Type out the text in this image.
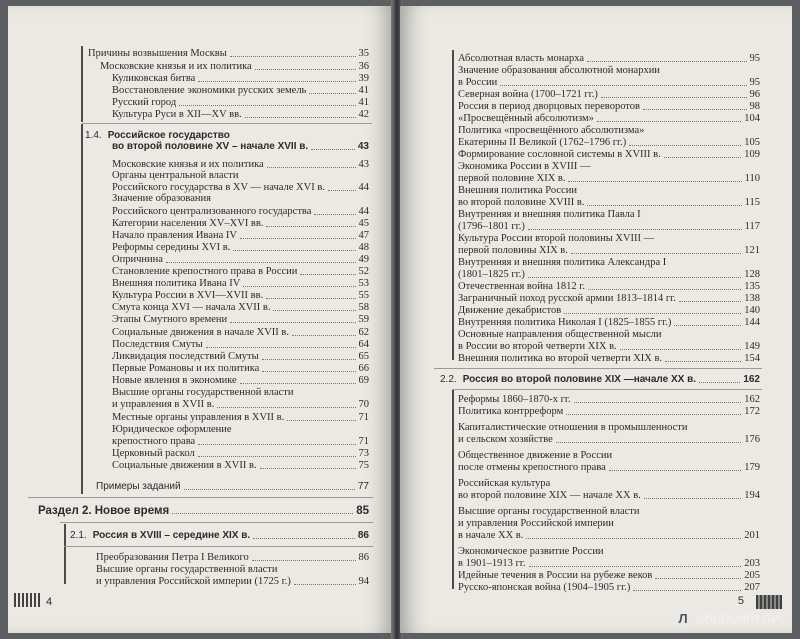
Причины возвышения Москвы	35
Московские князья и их политика	36
Куликовская битва	39
Восстановление экономики русских земель	41
Русский город	41
Культура Руси в XII—XV вв.	42
1.4. Российское государство
во второй половине XV – начале XVII в.	43
Московские князья и их политика	43
Органы центральной власти
Российского государства в XV — начале XVI в.	44
Значение образования
Российского централизованного государства	44
Категории населения XV–XVI вв.	45
Начало правления Ивана IV	47
Реформы середины XVI в.	48
Опричнина	49
Становление крепостного права в России	52
Внешняя политика Ивана IV	53
Культура России в XVI—XVII вв.	55
Смута конца XVI — начала XVII в.	58
Этапы Смутного времени	59
Социальные движения в начале XVII в.	62
Последствия Смуты	64
Ликвидация последствий Смуты	65
Первые Романовы и их политика	66
Новые явления в экономике	69
Высшие органы государственной власти
и управления в XVII в.	70
Местные органы управления в XVII в.	71
Юридическое оформление
крепостного права	71
Церковный раскол	73
Социальные движения в XVII в.	75
Примеры заданий	77
Раздел 2. Новое время	85
2.1. Россия в XVIII – середине XIX в.	86
Преобразования Петра I Великого	86
Высшие органы государственной власти
и управления Российской империи (1725 г.)	94
4
Абсолютная власть монарха	95
Значение образования абсолютной монархии
в России	95
Северная война (1700–1721 гг.)	96
Россия в период дворцовых переворотов	98
«Просвещённый абсолютизм»	104
Политика «просвещённого абсолютизма»
Екатерины II Великой (1762–1796 гг.)	105
Формирование сословной системы в XVIII в.	109
Экономика России в XVIII —
первой половине XIX в.	110
Внешняя политика России
во второй половине XVIII в.	115
Внутренняя и внешняя политика Павла I
(1796–1801 гг.)	117
Культура России второй половины XVIII —
первой половины XIX в.	121
Внутренняя и внешняя политика Александра I
(1801–1825 гг.)	128
Отечественная война 1812 г.	135
Заграничный поход русской армии 1813–1814 гг.	138
Движение декабристов	140
Внутренняя политика Николая I (1825–1855 гг.)	144
Основные направления общественной мысли
в России во второй четверти XIX в.	149
Внешняя политика во второй четверти XIX в.	154
2.2. Россия во второй половине XIX —начале XX в.	162
Реформы 1860–1870-х гг.	162
Политика контрреформ	172
Капиталистические отношения в промышленности
и сельском хозяйстве	176
Общественное движение в России
после отмены крепостного права	179
Российская культура
во второй половине XIX — начале XX в.	194
Высшие органы государственной власти
и управления Российской империи
в начале XX в.	201
Экономическое развитие России
в 1901–1913 гг.	203
Идейные течения в России на рубеже веков	205
Русско-японская война (1904–1905 гг.)	207
5
Л абиринт.ру
